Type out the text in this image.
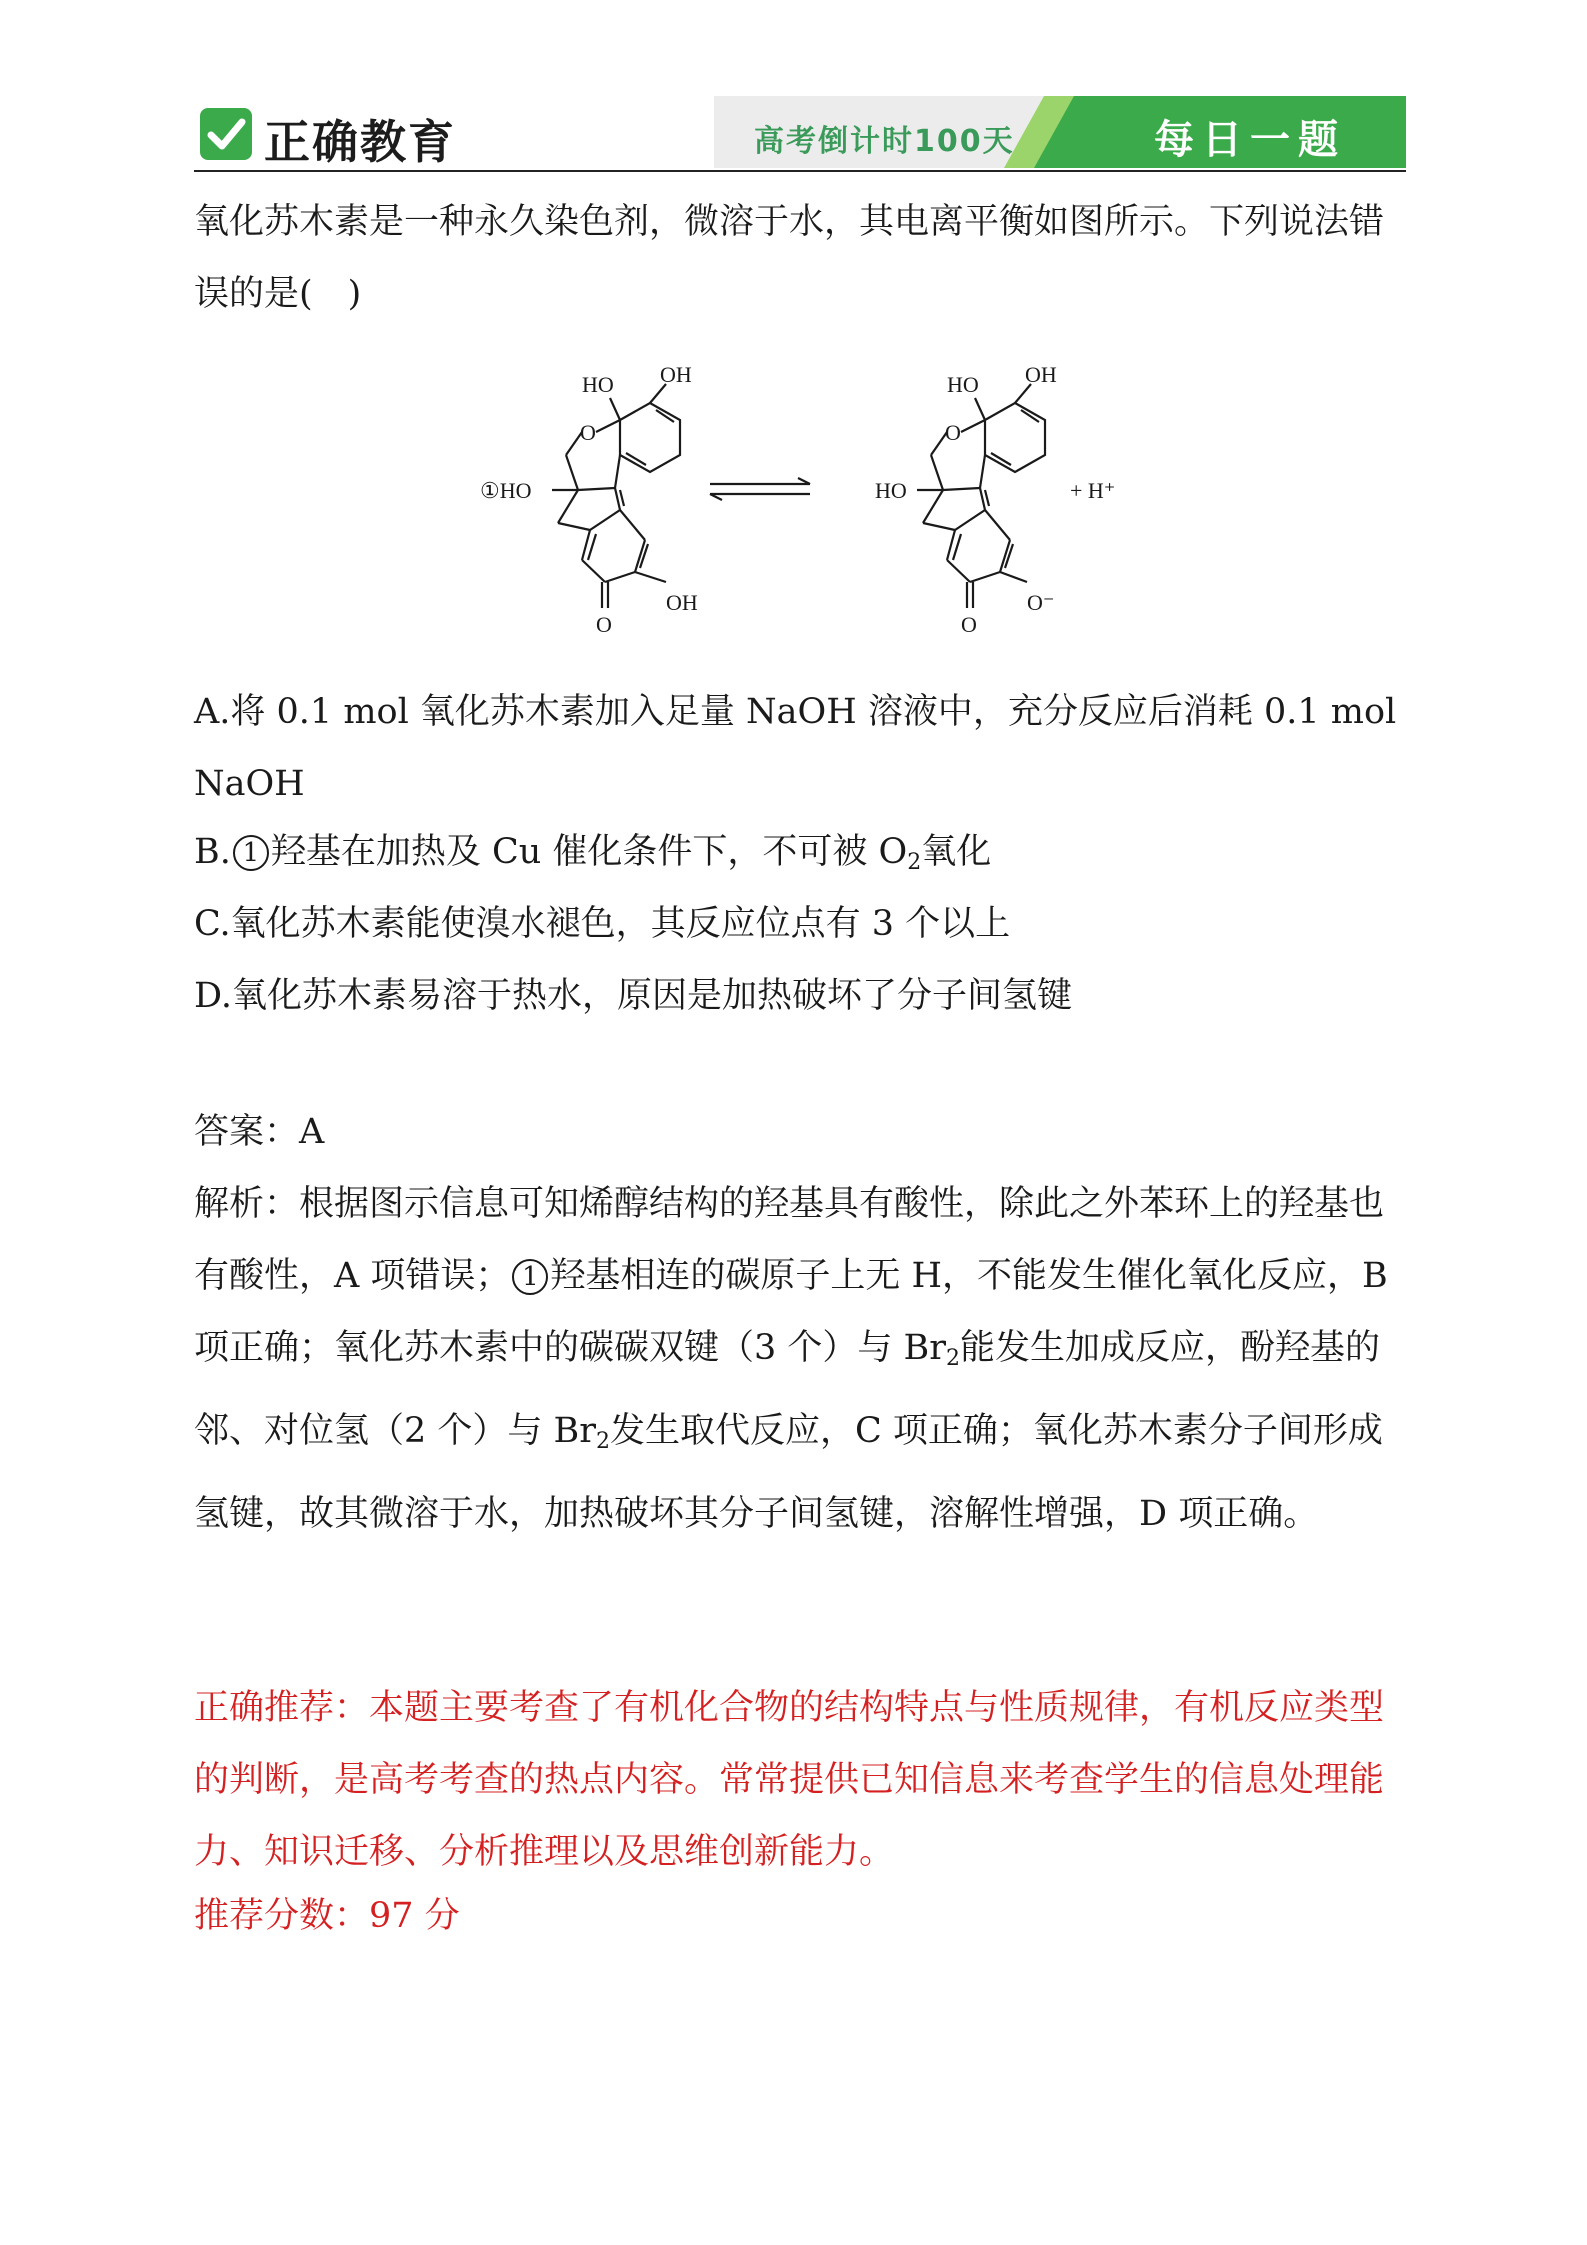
正确教育	高考倒计时100天	每日一题
氧化苏木素是一种永久染色剂，微溶于水，其电离平衡如图所示。下列说法错误的是(　)
HO OH
O
①HO
OH
O
HO OH
O
HO
O⁻
O
+ H⁺
A.将 0.1 mol 氧化苏木素加入足量 NaOH 溶液中，充分反应后消耗 0.1 mol NaOH
B. 1 羟基在加热及 Cu 催化条件下，不可被 $O_2$氧化
C.氧化苏木素能使溴水褪色，其反应位点有 3 个以上
D.氧化苏木素易溶于热水，原因是加热破坏了分子间氢键
答案：A
解析：根据图示信息可知烯醇结构的羟基具有酸性，除此之外苯环上的羟基也有酸性，A 项错误； 1 羟基相连的碳原子上无 H，不能发生催化氧化反应，B 项正确；氧化苏木素中的碳碳双键（3 个）与 $Br_2$能发生加成反应，酚羟基的邻、对位氢（2 个）与 $Br_2$发生取代反应，C 项正确；氧化苏木素分子间形成氢键，故其微溶于水，加热破坏其分子间氢键，溶解性增强，D 项正确。
正确推荐：本题主要考查了有机化合物的结构特点与性质规律，有机反应类型的判断，是高考考查的热点内容。常常提供已知信息来考查学生的信息处理能力、知识迁移、分析推理以及思维创新能力。
推荐分数：97 分
